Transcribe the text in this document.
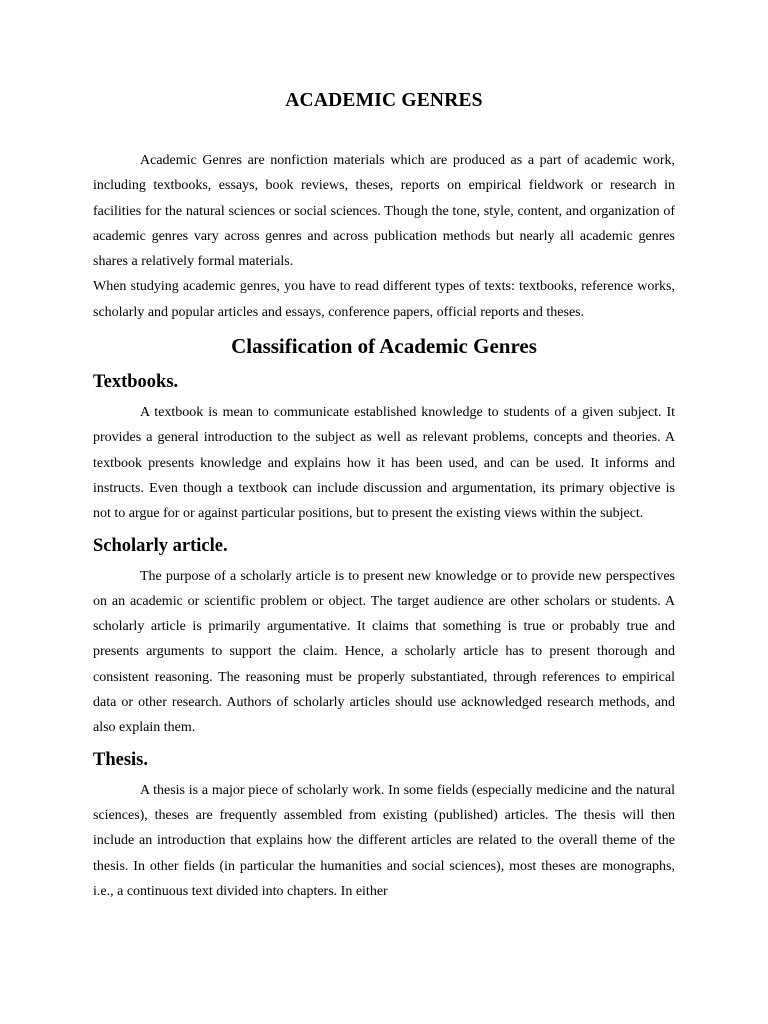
ACADEMIC GENRES

Academic Genres are nonfiction materials which are produced as a part of academic work, including textbooks, essays, book reviews, theses, reports on empirical fieldwork or research in facilities for the natural sciences or social sciences. Though the tone, style, content, and organization of academic genres vary across genres and across publication methods but nearly all academic genres shares a relatively formal materials.

When studying academic genres, you have to read different types of texts: textbooks, reference works, scholarly and popular articles and essays, conference papers, official reports and theses.

Classification of Academic Genres
Textbooks.

A textbook is mean to communicate established knowledge to students of a given subject. It provides a general introduction to the subject as well as relevant problems, concepts and theories. A textbook presents knowledge and explains how it has been used, and can be used. It informs and instructs. Even though a textbook can include discussion and argumentation, its primary objective is not to argue for or against particular positions, but to present the existing views within the subject.

Scholarly article.

The purpose of a scholarly article is to present new knowledge or to provide new perspectives on an academic or scientific problem or object. The target audience are other scholars or students. A scholarly article is primarily argumentative. It claims that something is true or probably true and presents arguments to support the claim. Hence, a scholarly article has to present thorough and consistent reasoning. The reasoning must be properly substantiated, through references to empirical data or other research. Authors of scholarly articles should use acknowledged research methods, and also explain them.

Thesis.

A thesis is a major piece of scholarly work. In some fields (especially medicine and the natural sciences), theses are frequently assembled from existing (published) articles. The thesis will then include an introduction that explains how the different articles are related to the overall theme of the thesis. In other fields (in particular the humanities and social sciences), most theses are monographs, i.e., a continuous text divided into chapters. In either
